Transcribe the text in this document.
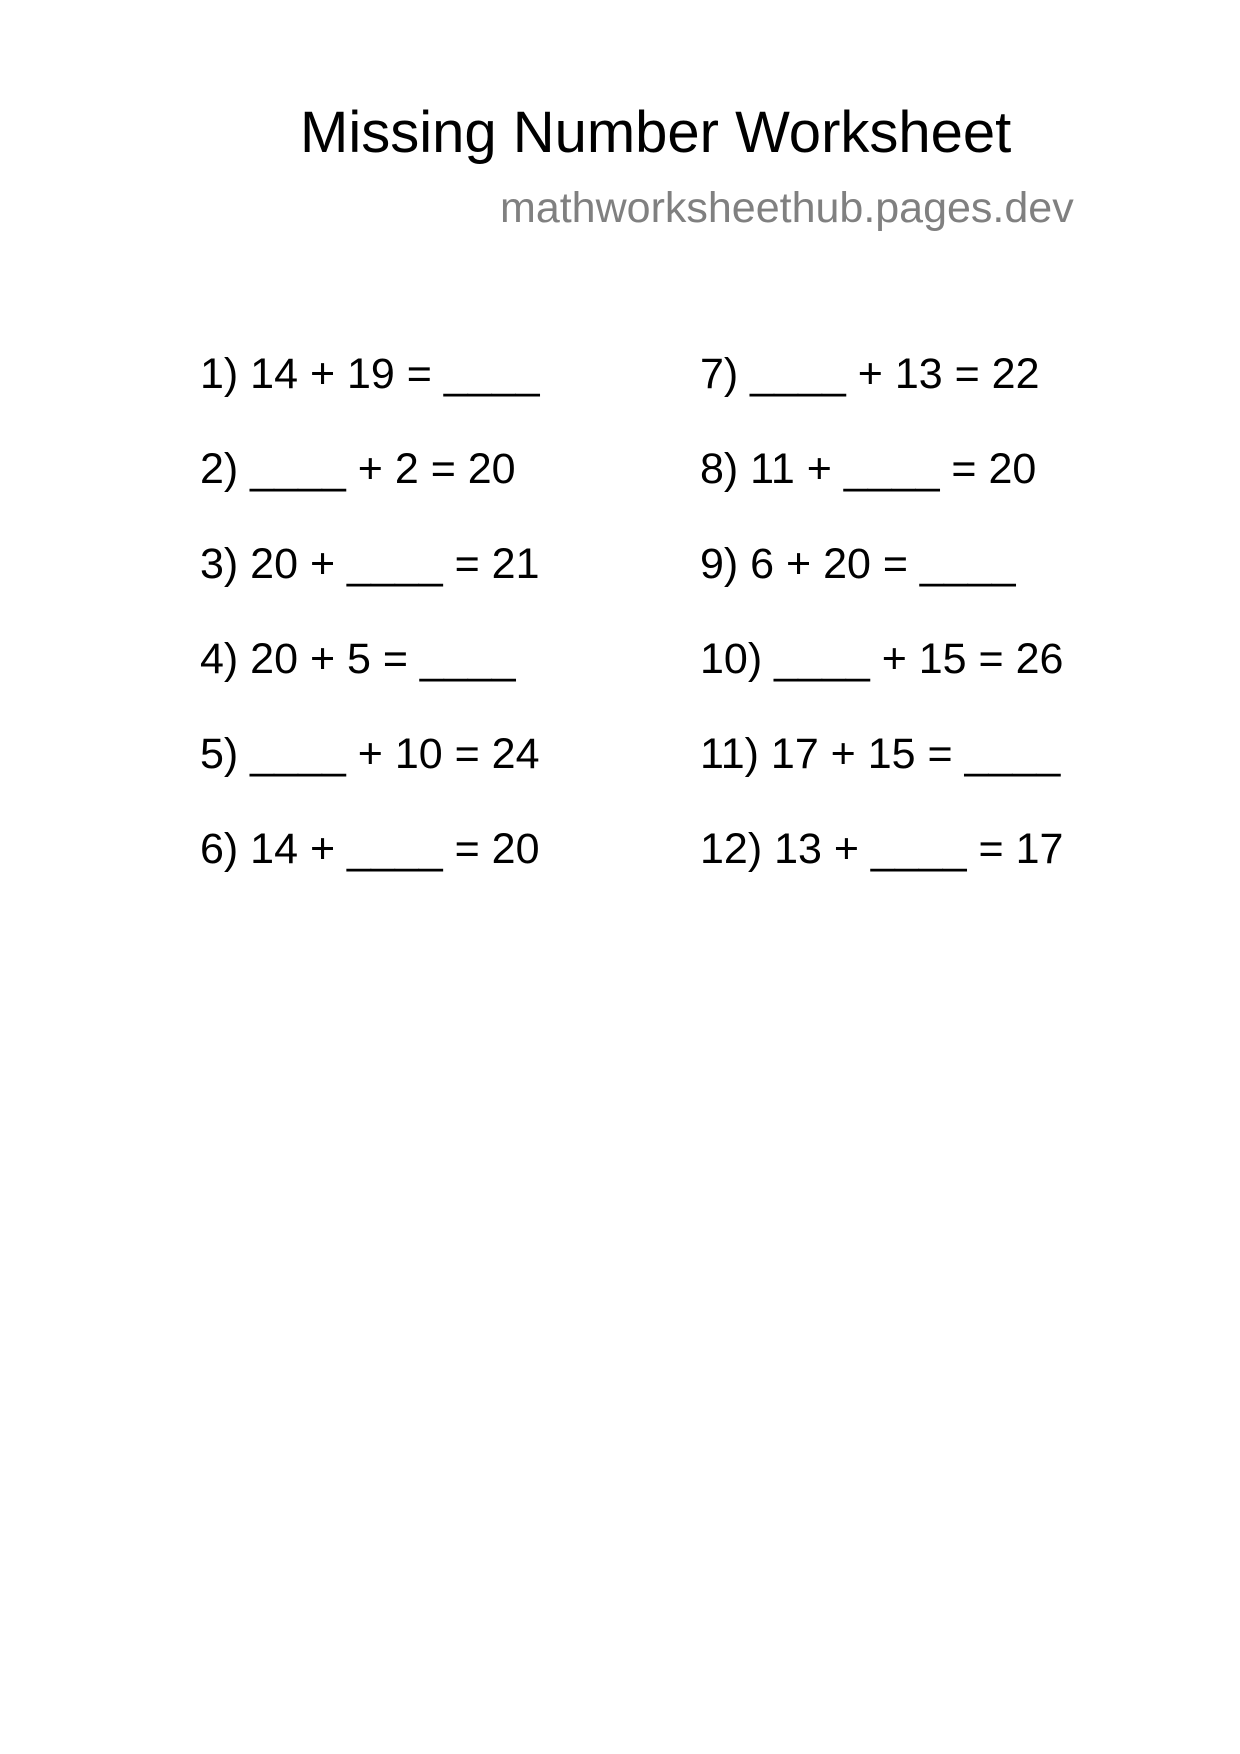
Missing Number Worksheet
mathworksheethub.pages.dev
1) 14 + 19 = ____
2) ____ + 2 = 20
3) 20 + ____ = 21
4) 20 + 5 = ____
5) ____ + 10 = 24
6) 14 + ____ = 20
7) ____ + 13 = 22
8) 11 + ____ = 20
9) 6 + 20 = ____
10) ____ + 15 = 26
11) 17 + 15 = ____
12) 13 + ____ = 17
